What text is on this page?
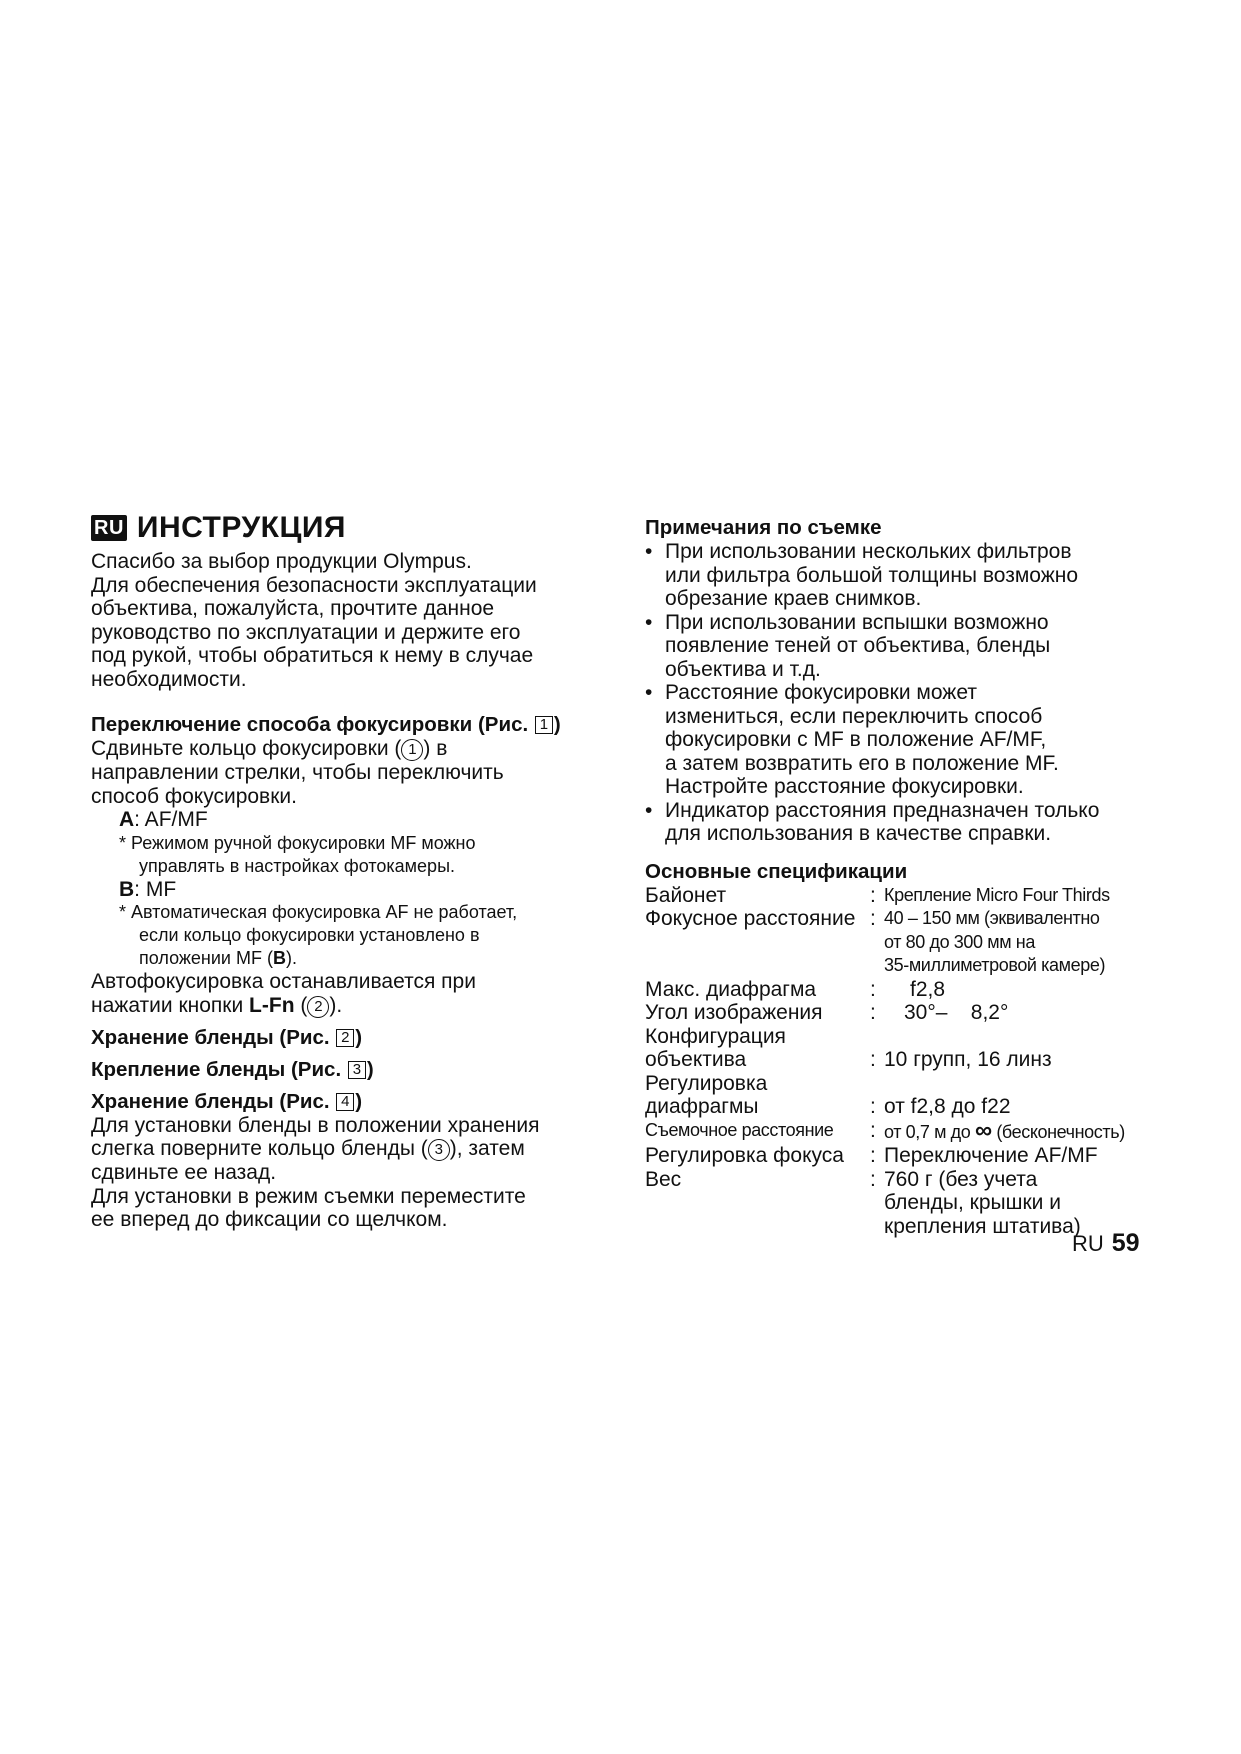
RU ИНСТРУКЦИЯ
Спасибо за выбор продукции Olympus.
Для обеспечения безопасности эксплуатации
объектива, пожалуйста, прочтите данное
руководство по эксплуатации и держите его
под рукой, чтобы обратиться к нему в случае
необходимости.
Переключение способа фокусировки (Рис. 1 )
Сдвиньте кольцо фокусировки ( 1 ) в
направлении стрелки, чтобы переключить
способ фокусировки.
A: AF/MF
* Режимом ручной фокусировки MF можно
управлять в настройках фотокамеры.
B: MF
* Автоматическая фокусировка AF не работает,
если кольцо фокусировки установлено в
положении MF (B).
Автофокусировка останавливается при
нажатии кнопки L-Fn ( 2 ).
Хранение бленды (Рис. 2 )
Крепление бленды (Рис. 3 )
Хранение бленды (Рис. 4 )
Для установки бленды в положении хранения
слегка поверните кольцо бленды ( 3 ), затем
сдвиньте ее назад.
Для установки в режим съемки переместите
ее вперед до фиксации со щелчком.
Примечания по съемке
• При использовании нескольких фильтров
или фильтра большой толщины возможно
обрезание краев снимков.
• При использовании вспышки возможно
появление теней от объектива, бленды
объектива и т.д.
• Расстояние фокусировки может
измениться, если переключить способ
фокусировки с MF в положение AF/MF,
а затем возвратить его в положение MF.
Настройте расстояние фокусировки.
• Индикатор расстояния предназначен только
для использования в качестве справки.
Основные спецификации
Байонет	: Крепление Micro Four Thirds
Фокусное расстояние : 40 – 150 мм (эквивалентно
от 80 до 300 мм на
35-миллиметровой камере)
Макс. диафрагма	:	f2,8
Угол изображения	:	30°–    8,2°
Конфигурация
объектива	: 10 групп, 16 линз
Регулировка
диафрагмы	: от f2,8 до f22
Съемочное расстояние	: от 0,7 м до ∞ (бесконечность)
Регулировка фокуса	: Переключение AF/MF
Вес	: 760 г (без учета
бленды, крышки и
крепления штатива)
RU 59
